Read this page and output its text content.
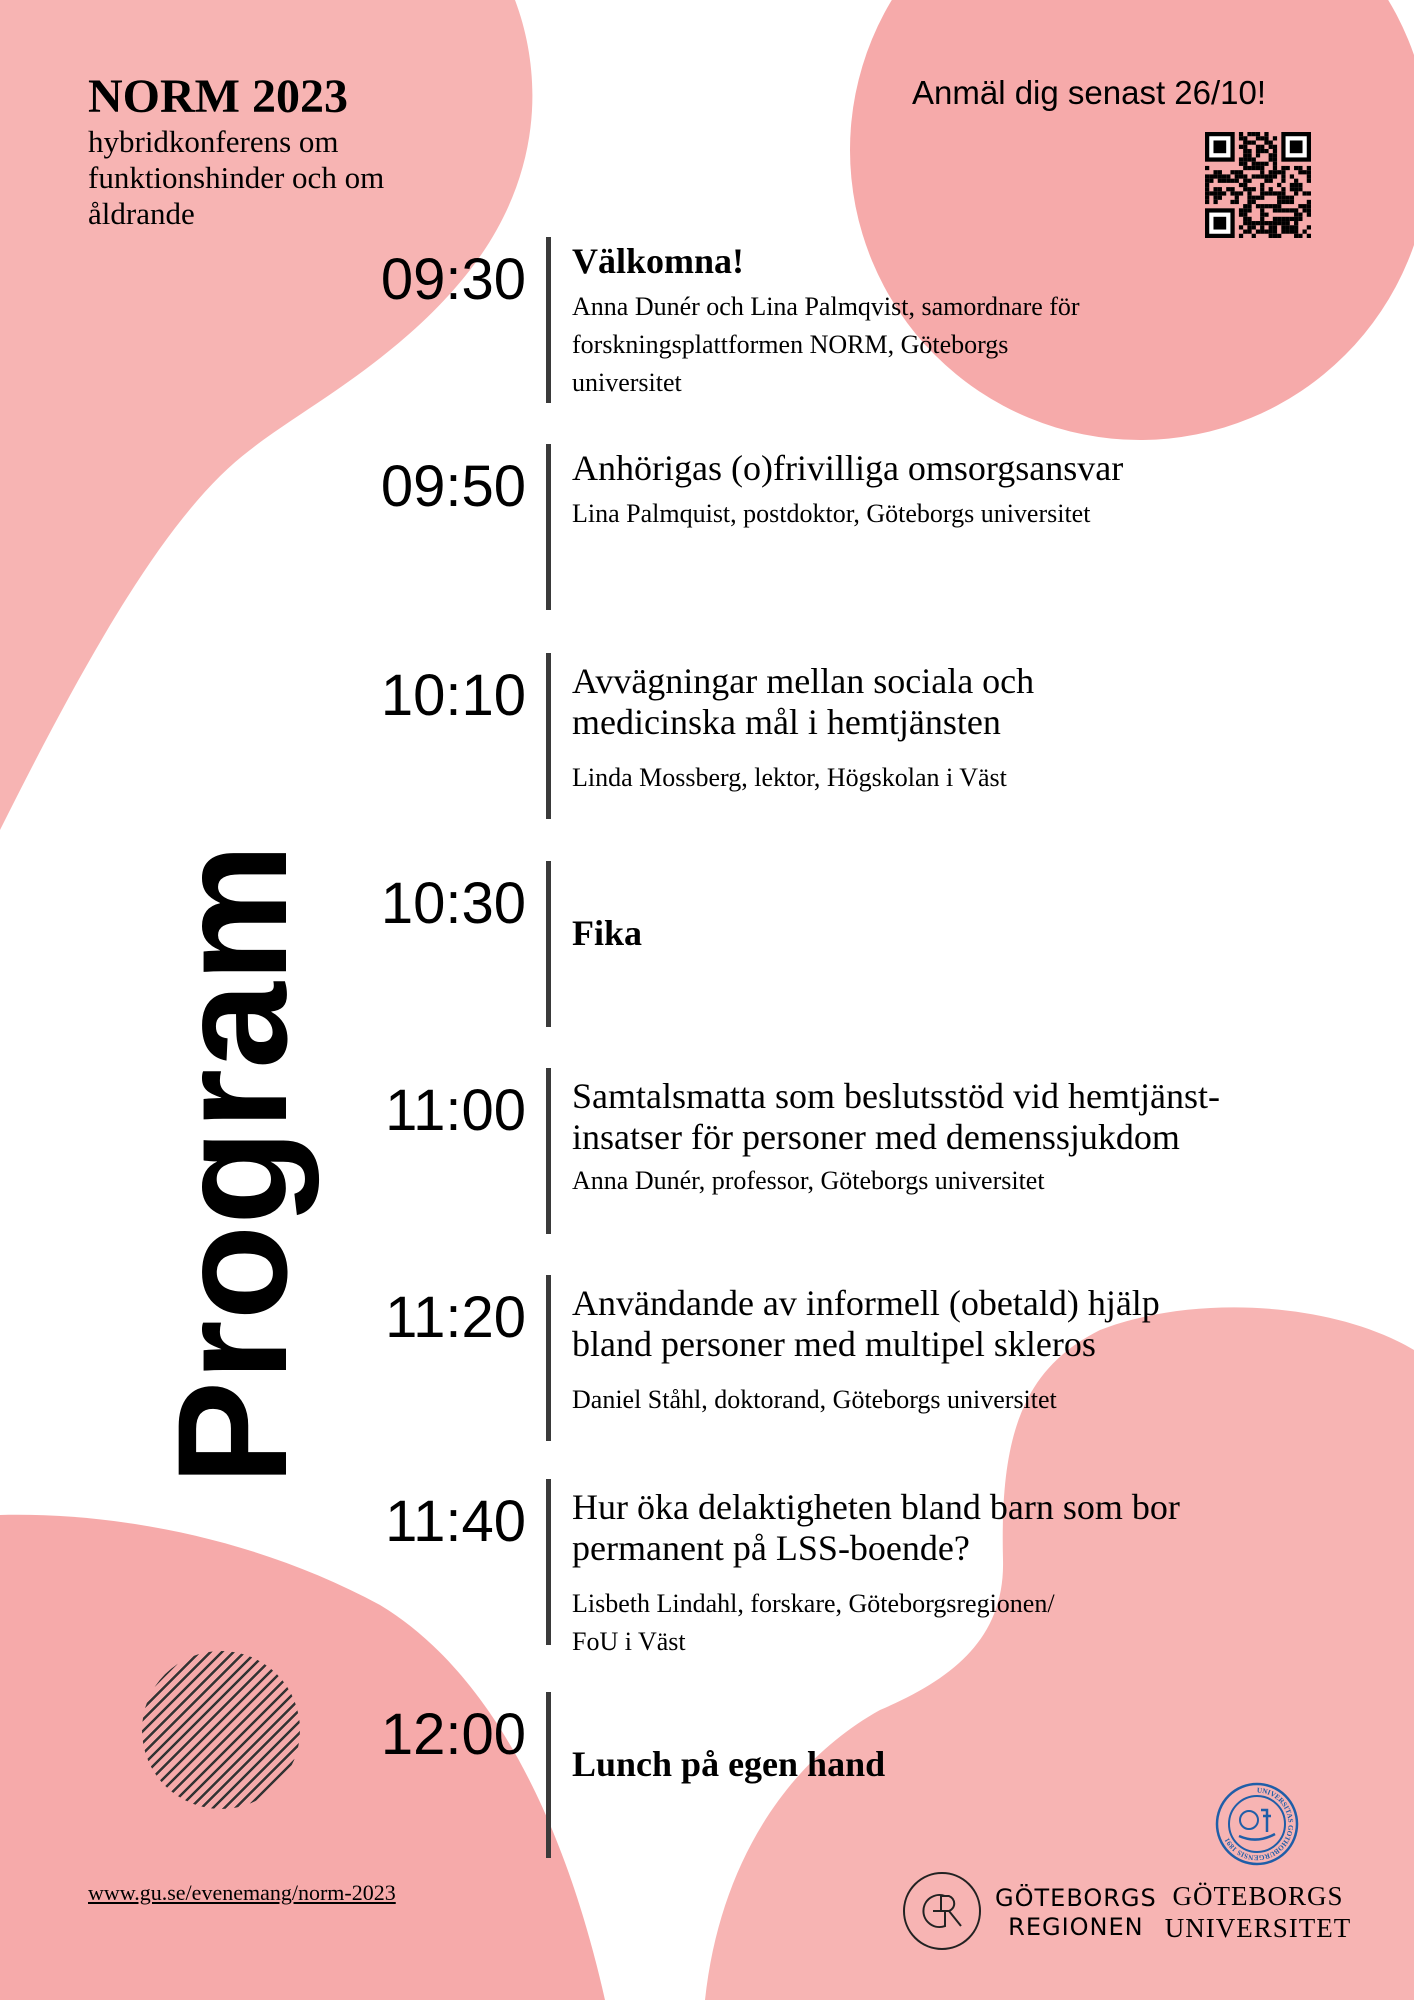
NORM 2023
hybridkonferens om funktionshinder och om åldrande
Anmäl dig senast 26/10!
Program
09:30 Välkomna!
Anna Dunér och Lina Palmqvist, samordnare för
forskningsplattformen NORM, Göteborgs
universitet
09:50 Anhörigas (o)frivilliga omsorgsansvar
Lina Palmquist, postdoktor, Göteborgs universitet
10:10 Avvägningar mellan sociala och
medicinska mål i hemtjänsten
Linda Mossberg, lektor, Högskolan i Väst
10:30 Fika
11:00 Samtalsmatta som beslutsstöd vid hemtjänst-
insatser för personer med demenssjukdom
Anna Dunér, professor, Göteborgs universitet
11:20 Användande av informell (obetald) hjälp
bland personer med multipel skleros
Daniel Ståhl, doktorand, Göteborgs universitet
11:40 Hur öka delaktigheten bland barn som bor
permanent på LSS-boende?
Lisbeth Lindahl, forskare, Göteborgsregionen/
FoU i Väst
12:00 Lunch på egen hand
www.gu.se/evenemang/norm-2023	GÖTEBORGS
REGIONEN
UNIVERSITAS GOTHOBURGENSIS 1891
GÖTEBORGS
UNIVERSITET
